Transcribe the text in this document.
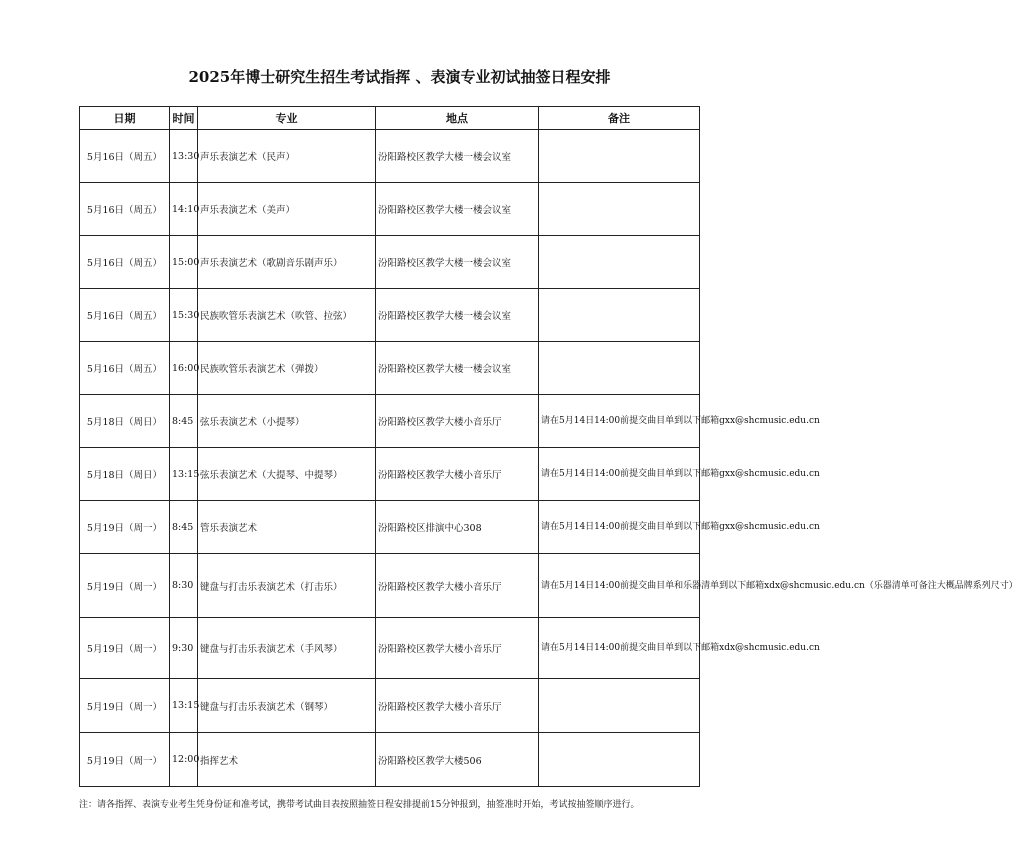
2025年博士研究生招生考试指挥 、表演专业初试抽签日程安排
日期	时间	专业	地点	备注
5月16日（周五）	13:30	声乐表演艺术（民声）	汾阳路校区教学大楼一楼会议室	
5月16日（周五）	14:10	声乐表演艺术（美声）	汾阳路校区教学大楼一楼会议室	
5月16日（周五）	15:00	声乐表演艺术（歌剧音乐剧声乐）	汾阳路校区教学大楼一楼会议室	
5月16日（周五）	15:30	民族吹管乐表演艺术（吹管、拉弦）	汾阳路校区教学大楼一楼会议室	
5月16日（周五）	16:00	民族吹管乐表演艺术（弹拨）	汾阳路校区教学大楼一楼会议室	
5月18日（周日）	8:45	弦乐表演艺术（小提琴）	汾阳路校区教学大楼小音乐厅	请在5月14日14:00前提交曲目单到以下邮箱gxx@shcmusic.edu.cn
5月18日（周日）	13:15	弦乐表演艺术（大提琴、中提琴）	汾阳路校区教学大楼小音乐厅	请在5月14日14:00前提交曲目单到以下邮箱gxx@shcmusic.edu.cn
5月19日（周一）	8:45	管乐表演艺术	汾阳路校区排演中心308	请在5月14日14:00前提交曲目单到以下邮箱gxx@shcmusic.edu.cn
5月19日（周一）	8:30	键盘与打击乐表演艺术（打击乐）	汾阳路校区教学大楼小音乐厅	请在5月14日14:00前提交曲目单和乐器清单到以下邮箱xdx@shcmusic.edu.cn（乐器清单可备注大概品牌系列尺寸）
5月19日（周一）	9:30	键盘与打击乐表演艺术（手风琴）	汾阳路校区教学大楼小音乐厅	请在5月14日14:00前提交曲目单到以下邮箱xdx@shcmusic.edu.cn
5月19日（周一）	13:15	键盘与打击乐表演艺术（钢琴）	汾阳路校区教学大楼小音乐厅	
5月19日（周一）	12:00	指挥艺术	汾阳路校区教学大楼506	
注：请各指挥、表演专业考生凭身份证和准考试，携带考试曲目表按照抽签日程安排提前15分钟报到，抽签准时开始，考试按抽签顺序进行。
